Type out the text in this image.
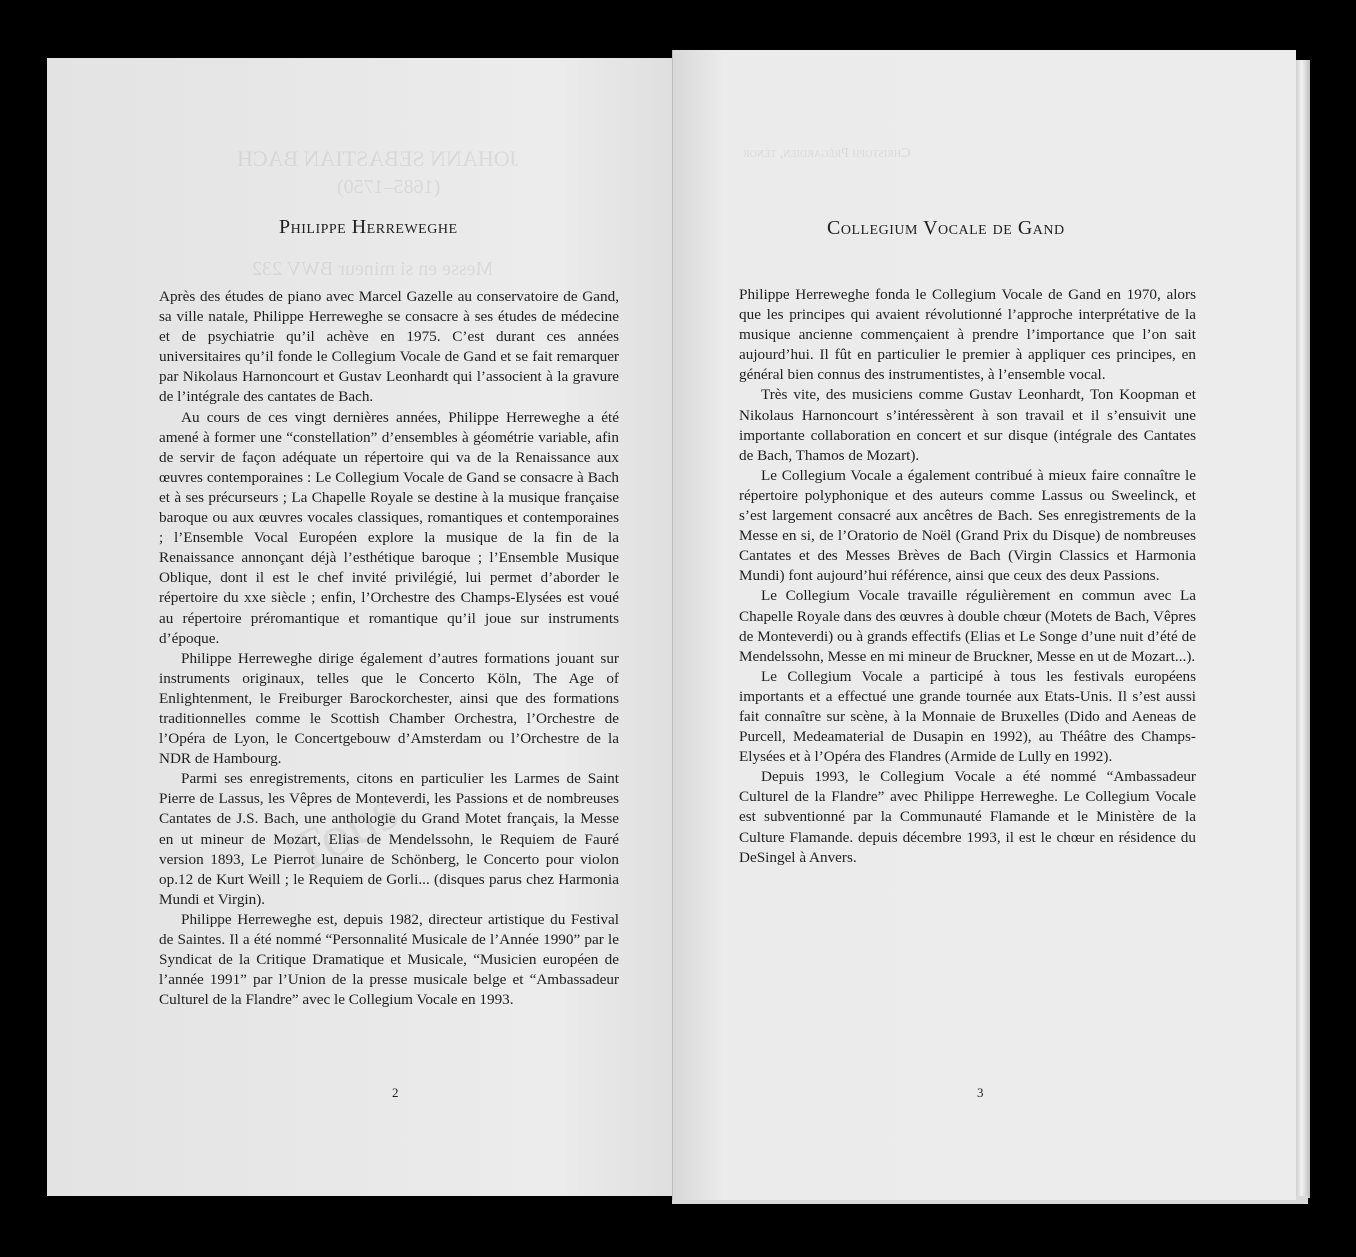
JOHANN SEBASTIAN BACH
(1685–1750)
Messe en si mineur BWV 232
Philippe Herreweghe

Après des études de piano avec Marcel Gazelle au conservatoire de Gand, sa ville natale, Philippe Herreweghe se consacre à ses études de médecine et de psychiatrie qu’il achève en 1975. C’est durant ces années universitaires qu’il fonde le Collegium Vocale de Gand et se fait remarquer par Nikolaus Harnoncourt et Gustav Leonhardt qui l’associent à la gravure de l’intégrale des cantates de Bach.

Au cours de ces vingt dernières années, Philippe Herreweghe a été amené à former une “constellation” d’ensembles à géométrie variable, afin de servir de façon adéquate un répertoire qui va de la Renaissance aux œuvres contemporaines : Le Collegium Vocale de Gand se consacre à Bach et à ses précurseurs ; La Chapelle Royale se destine à la musique française baroque ou aux œuvres vocales classiques, romantiques et contemporaines ; l’Ensemble Vocal Européen explore la musique de la fin de la Renaissance annonçant déjà l’esthétique baroque ; l’Ensemble Musique Oblique, dont il est le chef invité privilégié, lui permet d’aborder le répertoire du xxe siècle ; enfin, l’Orchestre des Champs-Elysées est voué au répertoire préromantique et romantique qu’il joue sur instruments d’époque.

Philippe Herreweghe dirige également d’autres formations jouant sur instruments originaux, telles que le Concerto Köln, The Age of Enlightenment, le Freiburger Barockorchester, ainsi que des formations traditionnelles comme le Scottish Chamber Orchestra, l’Orchestre de l’Opéra de Lyon, le Concertgebouw d’Amsterdam ou l’Orchestre de la NDR de Hambourg.

Parmi ses enregistrements, citons en particulier les Larmes de Saint Pierre de Lassus, les Vêpres de Monteverdi, les Passions et de nombreuses Cantates de J.S. Bach, une anthologie du Grand Motet français, la Messe en ut mineur de Mozart, Elias de Mendelssohn, le Requiem de Fauré version 1893, Le Pierrot lunaire de Schönberg, le Concerto pour violon op.12 de Kurt Weill ; le Requiem de Gorli... (disques parus chez Harmonia Mundi et Virgin).

Philippe Herreweghe est, depuis 1982, directeur artistique du Festival de Saintes. Il a été nommé “Personnalité Musicale de l’Année 1990” par le Syndicat de la Critique Dramatique et Musicale, “Musicien européen de l’année 1991” par l’Union de la presse musicale belge et “Ambassadeur Culturel de la Flandre” avec le Collegium Vocale en 1993.

Tous
2
Christoph Prégardien, ténor
Collegium Vocale de Gand

Philippe Herreweghe fonda le Collegium Vocale de Gand en 1970, alors que les principes qui avaient révolutionné l’approche interprétative de la musique ancienne commençaient à prendre l’importance que l’on sait aujourd’hui. Il fût en particulier le premier à appliquer ces principes, en général bien connus des instrumentistes, à l’ensemble vocal.

Très vite, des musiciens comme Gustav Leonhardt, Ton Koopman et Nikolaus Harnoncourt s’intéressèrent à son travail et il s’ensuivit une importante collaboration en concert et sur disque (intégrale des Cantates de Bach, Thamos de Mozart).

Le Collegium Vocale a également contribué à mieux faire connaître le répertoire polyphonique et des auteurs comme Lassus ou Sweelinck, et s’est largement consacré aux ancêtres de Bach. Ses enregistrements de la Messe en si, de l’Oratorio de Noël (Grand Prix du Disque) de nombreuses Cantates et des Messes Brèves de Bach (Virgin Classics et Harmonia Mundi) font aujourd’hui référence, ainsi que ceux des deux Passions.

Le Collegium Vocale travaille régulièrement en commun avec La Chapelle Royale dans des œuvres à double chœur (Motets de Bach, Vêpres de Monteverdi) ou à grands effectifs (Elias et Le Songe d’une nuit d’été de Mendelssohn, Messe en mi mineur de Bruckner, Messe en ut de Mozart...).

Le Collegium Vocale a participé à tous les festivals européens importants et a effectué une grande tournée aux Etats-Unis. Il s’est aussi fait connaître sur scène, à la Monnaie de Bruxelles (Dido and Aeneas de Purcell, Medeamaterial de Dusapin en 1992), au Théâtre des Champs-Elysées et à l’Opéra des Flandres (Armide de Lully en 1992).

Depuis 1993, le Collegium Vocale a été nommé “Ambassadeur Culturel de la Flandre” avec Philippe Herreweghe. Le Collegium Vocale est subventionné par la Communauté Flamande et le Ministère de la Culture Flamande. depuis décembre 1993, il est le chœur en résidence du DeSingel à Anvers.

3
